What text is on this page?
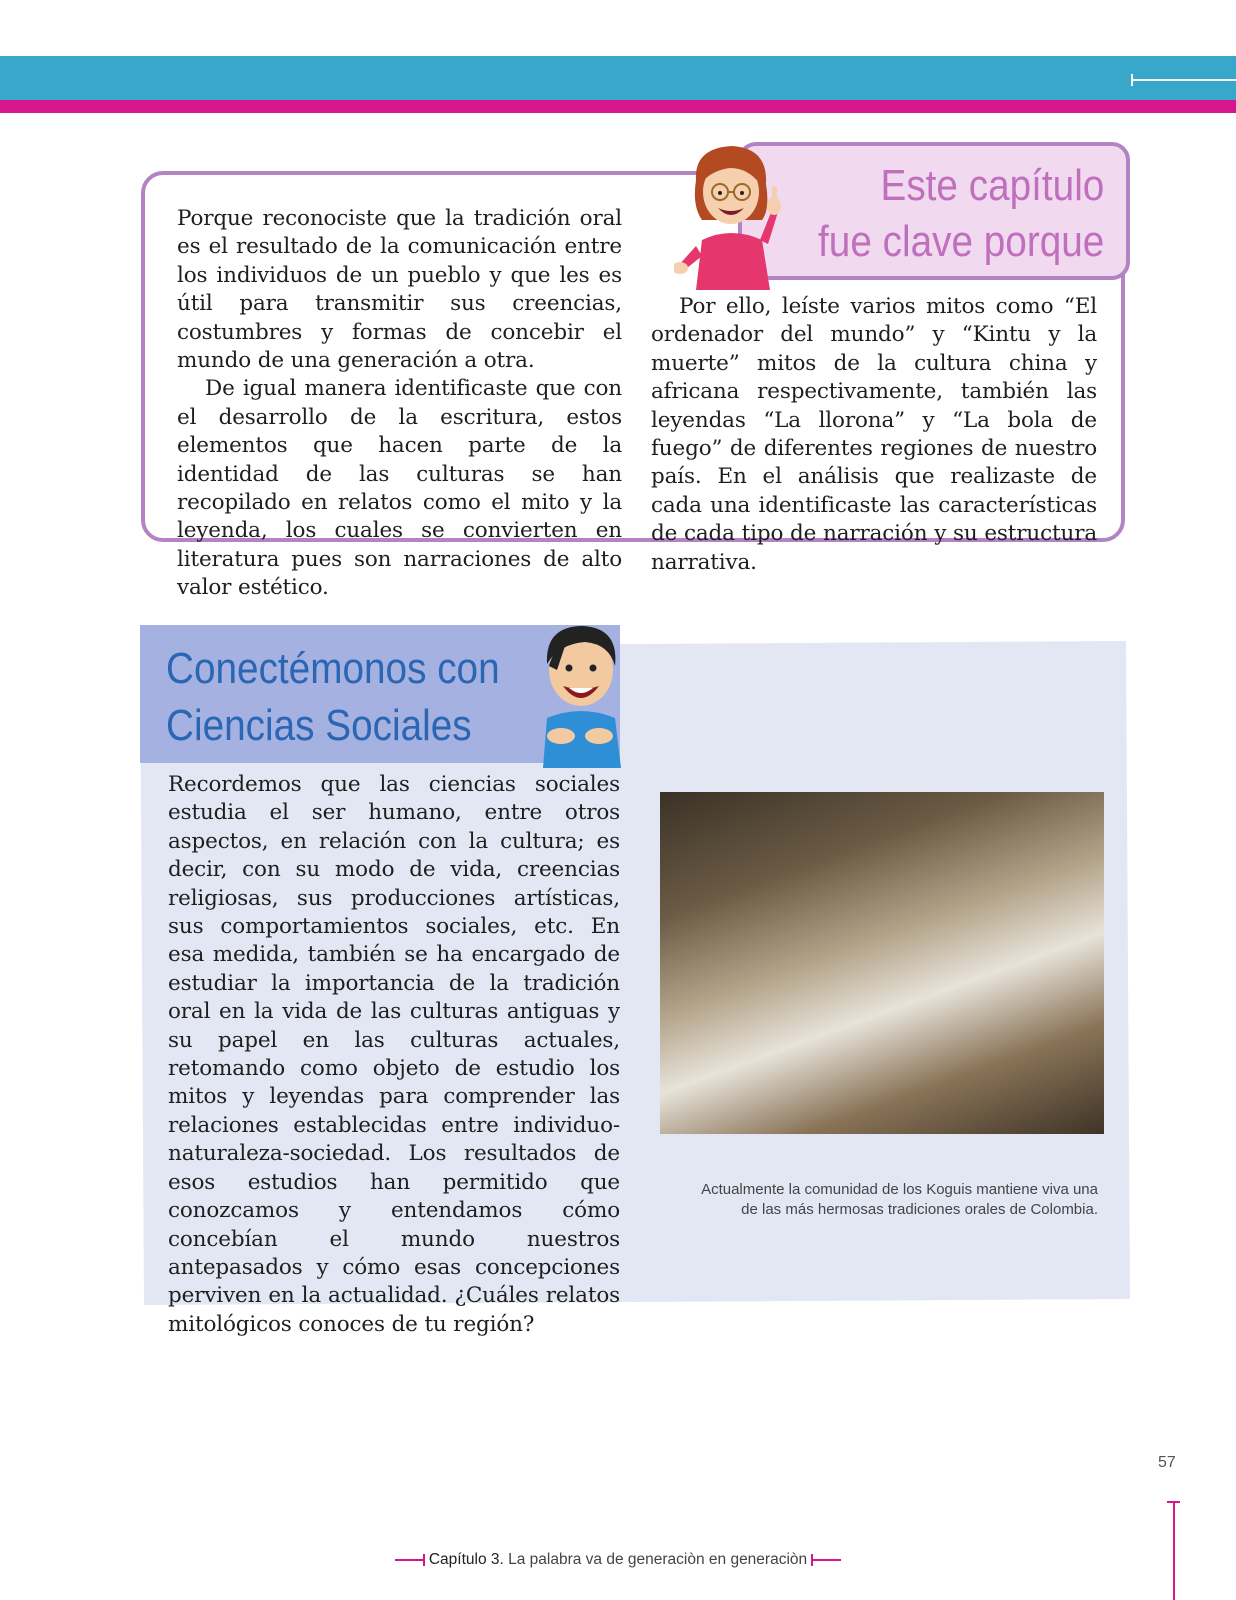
Este capítulo
fue clave porque

Porque reconociste que la tradición oral es el resultado de la comunicación entre los individuos de un pueblo y que les es útil para transmitir sus creencias, costumbres y formas de concebir el mundo de una generación a otra.

De igual manera identificaste que con el desarrollo de la escritura, estos elementos que hacen parte de la identidad de las culturas se han recopilado en relatos como el mito y la leyenda, los cuales se convierten en literatura pues son narraciones de alto valor estético.

Por ello, leíste varios mitos como “El ordenador del mundo” y “Kintu y la muerte” mitos de la cultura china y africana respectivamente, también las leyendas “La llorona” y “La bola de fuego” de diferentes regiones de nuestro país. En el análisis que realizaste de cada una identificaste las características de cada tipo de narración y su estructura narrativa.

Conectémonos con
Ciencias Sociales

Recordemos que las ciencias sociales estudia el ser humano, entre otros aspectos, en relación con la cultura; es decir, con su modo de vida, creencias religiosas, sus producciones artísticas, sus comportamientos sociales, etc. En esa medida, también se ha encargado de estudiar la importancia de la tradición oral en la vida de las culturas antiguas y su papel en las culturas actuales, retomando como objeto de estudio los mitos y leyendas para comprender las relaciones establecidas entre individuo-naturaleza-sociedad. Los resultados de esos estudios han permitido que conozcamos y entendamos cómo concebían el mundo nuestros antepasados y cómo esas concepciones perviven en la actualidad. ¿Cuáles relatos mitológicos conoces de tu región?

Actualmente la comunidad de los Koguis mantiene viva una
de las más hermosas tradiciones orales de Colombia.

57

Capítulo 3. La palabra va de generaciòn en generaciòn
